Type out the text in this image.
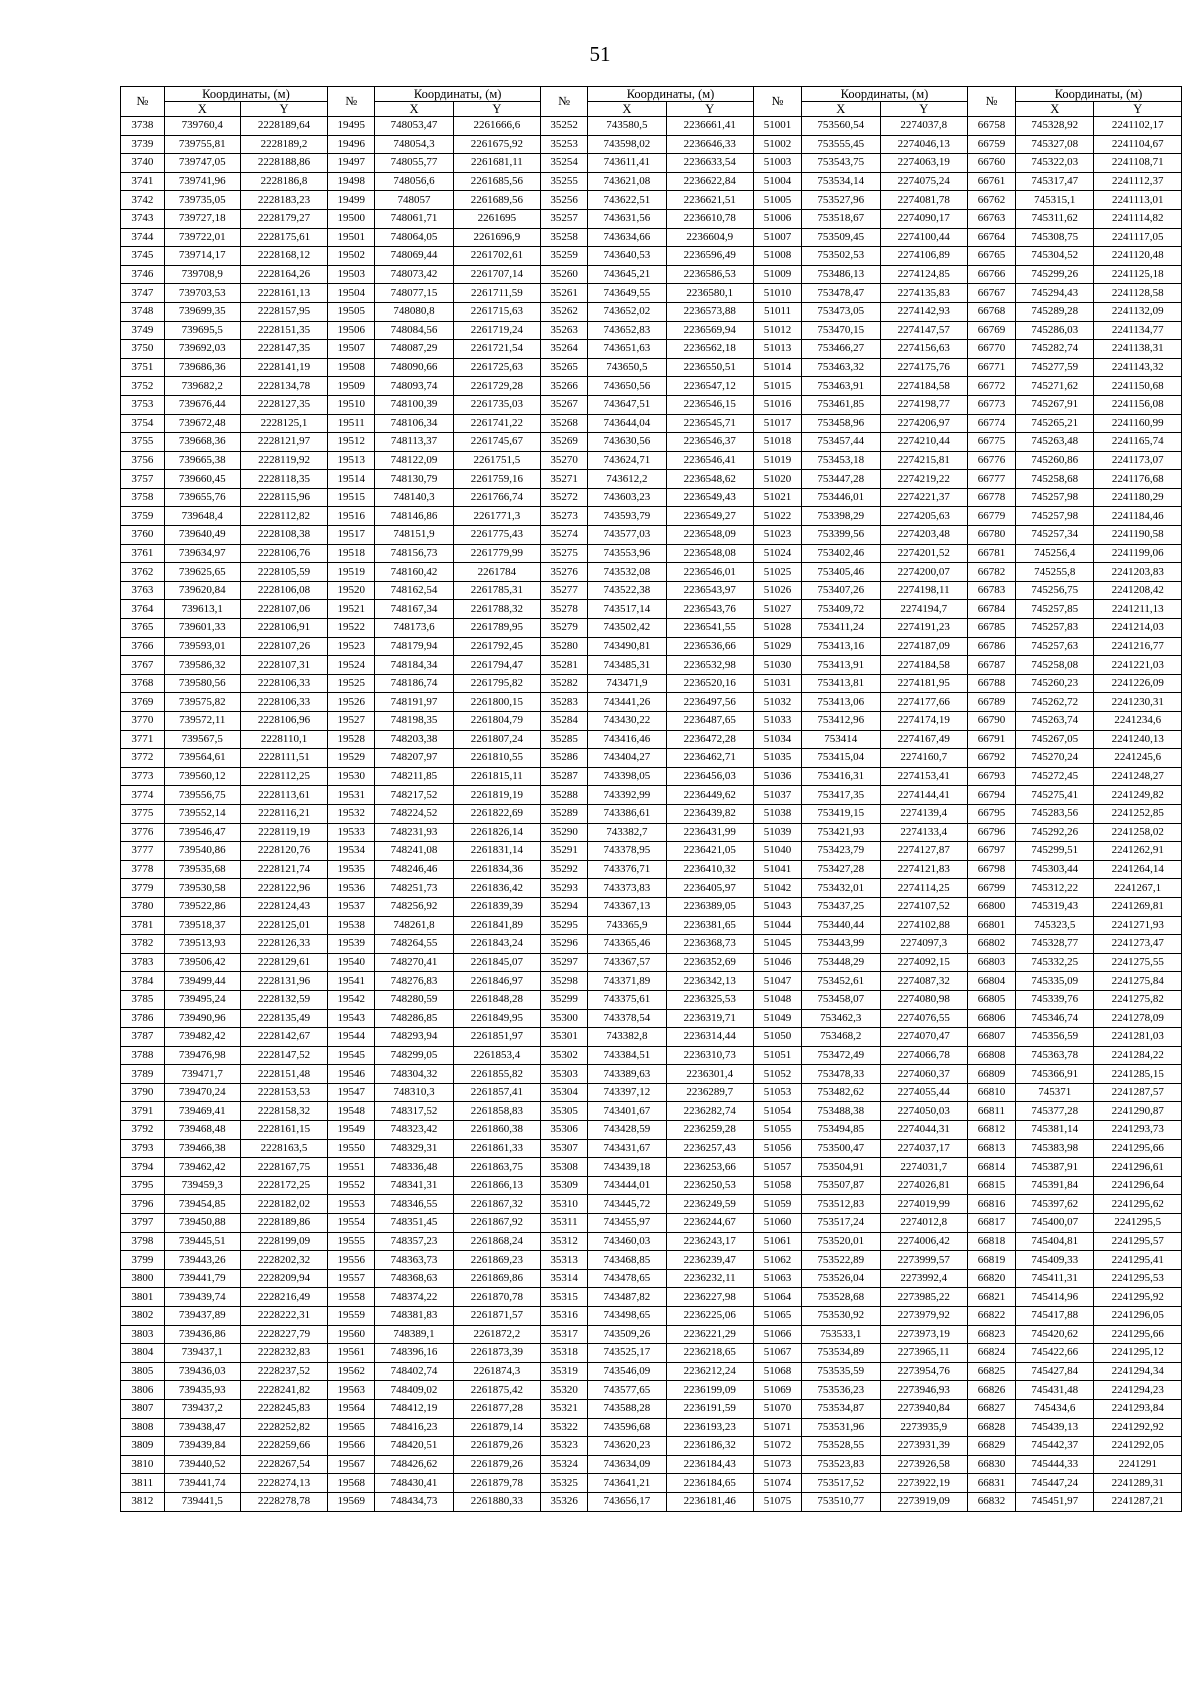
51
№	Координаты, (м)		№	Координаты, (м)		№	Координаты, (м)		№	Координаты, (м)		№	Координаты, (м)	
	X	Y		X	Y		X	Y		X	Y		X	Y
3738	739760,4	2228189,64	19495	748053,47	2261666,6	35252	743580,5	2236661,41	51001	753560,54	2274037,8	66758	745328,92	2241102,17
3739	739755,81	2228189,2	19496	748054,3	2261675,92	35253	743598,02	2236646,33	51002	753555,45	2274046,13	66759	745327,08	2241104,67
3740	739747,05	2228188,86	19497	748055,77	2261681,11	35254	743611,41	2236633,54	51003	753543,75	2274063,19	66760	745322,03	2241108,71
3741	739741,96	2228186,8	19498	748056,6	2261685,56	35255	743621,08	2236622,84	51004	753534,14	2274075,24	66761	745317,47	2241112,37
3742	739735,05	2228183,23	19499	748057	2261689,56	35256	743622,51	2236621,51	51005	753527,96	2274081,78	66762	745315,1	2241113,01
3743	739727,18	2228179,27	19500	748061,71	2261695	35257	743631,56	2236610,78	51006	753518,67	2274090,17	66763	745311,62	2241114,82
3744	739722,01	2228175,61	19501	748064,05	2261696,9	35258	743634,66	2236604,9	51007	753509,45	2274100,44	66764	745308,75	2241117,05
3745	739714,17	2228168,12	19502	748069,44	2261702,61	35259	743640,53	2236596,49	51008	753502,53	2274106,89	66765	745304,52	2241120,48
3746	739708,9	2228164,26	19503	748073,42	2261707,14	35260	743645,21	2236586,53	51009	753486,13	2274124,85	66766	745299,26	2241125,18
3747	739703,53	2228161,13	19504	748077,15	2261711,59	35261	743649,55	2236580,1	51010	753478,47	2274135,83	66767	745294,43	2241128,58
3748	739699,35	2228157,95	19505	748080,8	2261715,63	35262	743652,02	2236573,88	51011	753473,05	2274142,93	66768	745289,28	2241132,09
3749	739695,5	2228151,35	19506	748084,56	2261719,24	35263	743652,83	2236569,94	51012	753470,15	2274147,57	66769	745286,03	2241134,77
3750	739692,03	2228147,35	19507	748087,29	2261721,54	35264	743651,63	2236562,18	51013	753466,27	2274156,63	66770	745282,74	2241138,31
3751	739686,36	2228141,19	19508	748090,66	2261725,63	35265	743650,5	2236550,51	51014	753463,32	2274175,76	66771	745277,59	2241143,32
3752	739682,2	2228134,78	19509	748093,74	2261729,28	35266	743650,56	2236547,12	51015	753463,91	2274184,58	66772	745271,62	2241150,68
3753	739676,44	2228127,35	19510	748100,39	2261735,03	35267	743647,51	2236546,15	51016	753461,85	2274198,77	66773	745267,91	2241156,08
3754	739672,48	2228125,1	19511	748106,34	2261741,22	35268	743644,04	2236545,71	51017	753458,96	2274206,97	66774	745265,21	2241160,99
3755	739668,36	2228121,97	19512	748113,37	2261745,67	35269	743630,56	2236546,37	51018	753457,44	2274210,44	66775	745263,48	2241165,74
3756	739665,38	2228119,92	19513	748122,09	2261751,5	35270	743624,71	2236546,41	51019	753453,18	2274215,81	66776	745260,86	2241173,07
3757	739660,45	2228118,35	19514	748130,79	2261759,16	35271	743612,2	2236548,62	51020	753447,28	2274219,22	66777	745258,68	2241176,68
3758	739655,76	2228115,96	19515	748140,3	2261766,74	35272	743603,23	2236549,43	51021	753446,01	2274221,37	66778	745257,98	2241180,29
3759	739648,4	2228112,82	19516	748146,86	2261771,3	35273	743593,79	2236549,27	51022	753398,29	2274205,63	66779	745257,98	2241184,46
3760	739640,49	2228108,38	19517	748151,9	2261775,43	35274	743577,03	2236548,09	51023	753399,56	2274203,48	66780	745257,34	2241190,58
3761	739634,97	2228106,76	19518	748156,73	2261779,99	35275	743553,96	2236548,08	51024	753402,46	2274201,52	66781	745256,4	2241199,06
3762	739625,65	2228105,59	19519	748160,42	2261784	35276	743532,08	2236546,01	51025	753405,46	2274200,07	66782	745255,8	2241203,83
3763	739620,84	2228106,08	19520	748162,54	2261785,31	35277	743522,38	2236543,97	51026	753407,26	2274198,11	66783	745256,75	2241208,42
3764	739613,1	2228107,06	19521	748167,34	2261788,32	35278	743517,14	2236543,76	51027	753409,72	2274194,7	66784	745257,85	2241211,13
3765	739601,33	2228106,91	19522	748173,6	2261789,95	35279	743502,42	2236541,55	51028	753411,24	2274191,23	66785	745257,83	2241214,03
3766	739593,01	2228107,26	19523	748179,94	2261792,45	35280	743490,81	2236536,66	51029	753413,16	2274187,09	66786	745257,63	2241216,77
3767	739586,32	2228107,31	19524	748184,34	2261794,47	35281	743485,31	2236532,98	51030	753413,91	2274184,58	66787	745258,08	2241221,03
3768	739580,56	2228106,33	19525	748186,74	2261795,82	35282	743471,9	2236520,16	51031	753413,81	2274181,95	66788	745260,23	2241226,09
3769	739575,82	2228106,33	19526	748191,97	2261800,15	35283	743441,26	2236497,56	51032	753413,06	2274177,66	66789	745262,72	2241230,31
3770	739572,11	2228106,96	19527	748198,35	2261804,79	35284	743430,22	2236487,65	51033	753412,96	2274174,19	66790	745263,74	2241234,6
3771	739567,5	2228110,1	19528	748203,38	2261807,24	35285	743416,46	2236472,28	51034	753414	2274167,49	66791	745267,05	2241240,13
3772	739564,61	2228111,51	19529	748207,97	2261810,55	35286	743404,27	2236462,71	51035	753415,04	2274160,7	66792	745270,24	2241245,6
3773	739560,12	2228112,25	19530	748211,85	2261815,11	35287	743398,05	2236456,03	51036	753416,31	2274153,41	66793	745272,45	2241248,27
3774	739556,75	2228113,61	19531	748217,52	2261819,19	35288	743392,99	2236449,62	51037	753417,35	2274144,41	66794	745275,41	2241249,82
3775	739552,14	2228116,21	19532	748224,52	2261822,69	35289	743386,61	2236439,82	51038	753419,15	2274139,4	66795	745283,56	2241252,85
3776	739546,47	2228119,19	19533	748231,93	2261826,14	35290	743382,7	2236431,99	51039	753421,93	2274133,4	66796	745292,26	2241258,02
3777	739540,86	2228120,76	19534	748241,08	2261831,14	35291	743378,95	2236421,05	51040	753423,79	2274127,87	66797	745299,51	2241262,91
3778	739535,68	2228121,74	19535	748246,46	2261834,36	35292	743376,71	2236410,32	51041	753427,28	2274121,83	66798	745303,44	2241264,14
3779	739530,58	2228122,96	19536	748251,73	2261836,42	35293	743373,83	2236405,97	51042	753432,01	2274114,25	66799	745312,22	2241267,1
3780	739522,86	2228124,43	19537	748256,92	2261839,39	35294	743367,13	2236389,05	51043	753437,25	2274107,52	66800	745319,43	2241269,81
3781	739518,37	2228125,01	19538	748261,8	2261841,89	35295	743365,9	2236381,65	51044	753440,44	2274102,88	66801	745323,5	2241271,93
3782	739513,93	2228126,33	19539	748264,55	2261843,24	35296	743365,46	2236368,73	51045	753443,99	2274097,3	66802	745328,77	2241273,47
3783	739506,42	2228129,61	19540	748270,41	2261845,07	35297	743367,57	2236352,69	51046	753448,29	2274092,15	66803	745332,25	2241275,55
3784	739499,44	2228131,96	19541	748276,83	2261846,97	35298	743371,89	2236342,13	51047	753452,61	2274087,32	66804	745335,09	2241275,84
3785	739495,24	2228132,59	19542	748280,59	2261848,28	35299	743375,61	2236325,53	51048	753458,07	2274080,98	66805	745339,76	2241275,82
3786	739490,96	2228135,49	19543	748286,85	2261849,95	35300	743378,54	2236319,71	51049	753462,3	2274076,55	66806	745346,74	2241278,09
3787	739482,42	2228142,67	19544	748293,94	2261851,97	35301	743382,8	2236314,44	51050	753468,2	2274070,47	66807	745356,59	2241281,03
3788	739476,98	2228147,52	19545	748299,05	2261853,4	35302	743384,51	2236310,73	51051	753472,49	2274066,78	66808	745363,78	2241284,22
3789	739471,7	2228151,48	19546	748304,32	2261855,82	35303	743389,63	2236301,4	51052	753478,33	2274060,37	66809	745366,91	2241285,15
3790	739470,24	2228153,53	19547	748310,3	2261857,41	35304	743397,12	2236289,7	51053	753482,62	2274055,44	66810	745371	2241287,57
3791	739469,41	2228158,32	19548	748317,52	2261858,83	35305	743401,67	2236282,74	51054	753488,38	2274050,03	66811	745377,28	2241290,87
3792	739468,48	2228161,15	19549	748323,42	2261860,38	35306	743428,59	2236259,28	51055	753494,85	2274044,31	66812	745381,14	2241293,73
3793	739466,38	2228163,5	19550	748329,31	2261861,33	35307	743431,67	2236257,43	51056	753500,47	2274037,17	66813	745383,98	2241295,66
3794	739462,42	2228167,75	19551	748336,48	2261863,75	35308	743439,18	2236253,66	51057	753504,91	2274031,7	66814	745387,91	2241296,61
3795	739459,3	2228172,25	19552	748341,31	2261866,13	35309	743444,01	2236250,53	51058	753507,87	2274026,81	66815	745391,84	2241296,64
3796	739454,85	2228182,02	19553	748346,55	2261867,32	35310	743445,72	2236249,59	51059	753512,83	2274019,99	66816	745397,62	2241295,62
3797	739450,88	2228189,86	19554	748351,45	2261867,92	35311	743455,97	2236244,67	51060	753517,24	2274012,8	66817	745400,07	2241295,5
3798	739445,51	2228199,09	19555	748357,23	2261868,24	35312	743460,03	2236243,17	51061	753520,01	2274006,42	66818	745404,81	2241295,57
3799	739443,26	2228202,32	19556	748363,73	2261869,23	35313	743468,85	2236239,47	51062	753522,89	2273999,57	66819	745409,33	2241295,41
3800	739441,79	2228209,94	19557	748368,63	2261869,86	35314	743478,65	2236232,11	51063	753526,04	2273992,4	66820	745411,31	2241295,53
3801	739439,74	2228216,49	19558	748374,22	2261870,78	35315	743487,82	2236227,98	51064	753528,68	2273985,22	66821	745414,96	2241295,92
3802	739437,89	2228222,31	19559	748381,83	2261871,57	35316	743498,65	2236225,06	51065	753530,92	2273979,92	66822	745417,88	2241296,05
3803	739436,86	2228227,79	19560	748389,1	2261872,2	35317	743509,26	2236221,29	51066	753533,1	2273973,19	66823	745420,62	2241295,66
3804	739437,1	2228232,83	19561	748396,16	2261873,39	35318	743525,17	2236218,65	51067	753534,89	2273965,11	66824	745422,66	2241295,12
3805	739436,03	2228237,52	19562	748402,74	2261874,3	35319	743546,09	2236212,24	51068	753535,59	2273954,76	66825	745427,84	2241294,34
3806	739435,93	2228241,82	19563	748409,02	2261875,42	35320	743577,65	2236199,09	51069	753536,23	2273946,93	66826	745431,48	2241294,23
3807	739437,2	2228245,83	19564	748412,19	2261877,28	35321	743588,28	2236191,59	51070	753534,87	2273940,84	66827	745434,6	2241293,84
3808	739438,47	2228252,82	19565	748416,23	2261879,14	35322	743596,68	2236193,23	51071	753531,96	2273935,9	66828	745439,13	2241292,92
3809	739439,84	2228259,66	19566	748420,51	2261879,26	35323	743620,23	2236186,32	51072	753528,55	2273931,39	66829	745442,37	2241292,05
3810	739440,52	2228267,54	19567	748426,62	2261879,26	35324	743634,09	2236184,43	51073	753523,83	2273926,58	66830	745444,33	2241291
3811	739441,74	2228274,13	19568	748430,41	2261879,78	35325	743641,21	2236184,65	51074	753517,52	2273922,19	66831	745447,24	2241289,31
3812	739441,5	2228278,78	19569	748434,73	2261880,33	35326	743656,17	2236181,46	51075	753510,77	2273919,09	66832	745451,97	2241287,21
